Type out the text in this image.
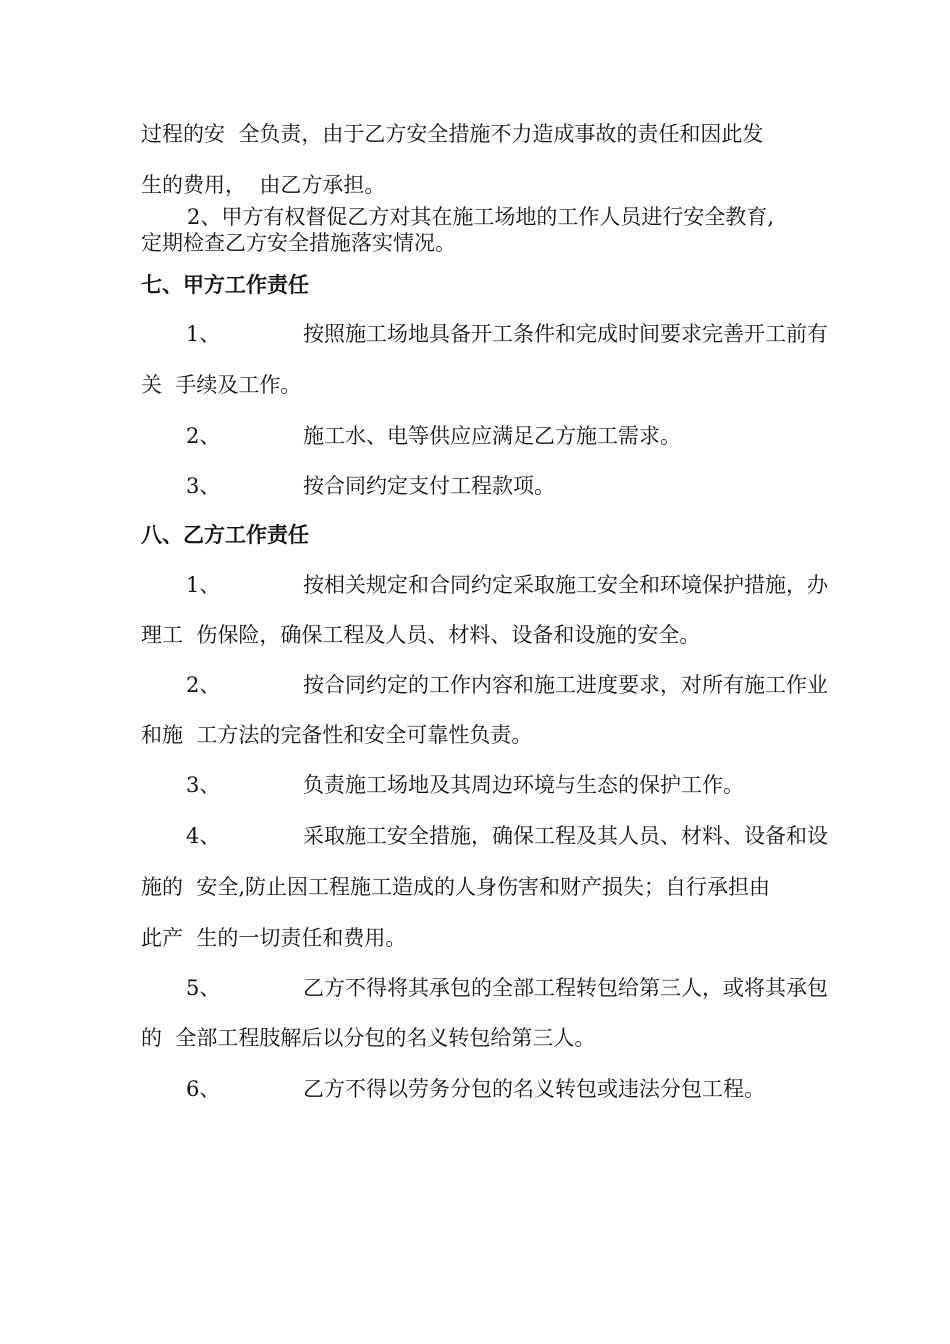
过程的安  全负责，由于乙方安全措施不力造成事故的责任和因此发

生的费用，  由乙方承担。

2、甲方有权督促乙方对其在施工场地的工作人员进行安全教育,

定期检查乙方安全措施落实情况。

七、甲方工作责任

1、	按照施工场地具备开工条件和完成时间要求完善开工前有

关  手续及工作。

2、	施工水、电等供应应满足乙方施工需求。

3、	按合同约定支付工程款项。

八、乙方工作责任

1、	按相关规定和合同约定采取施工安全和环境保护措施，办

理工  伤保险，确保工程及人员、材料、设备和设施的安全。

2、	按合同约定的工作内容和施工进度要求，对所有施工作业

和施  工方法的完备性和安全可靠性负责。

3、	负责施工场地及其周边环境与生态的保护工作。

4、	采取施工安全措施，确保工程及其人员、材料、设备和设

施的  安全,防止因工程施工造成的人身伤害和财产损失；自行承担由

此产  生的一切责任和费用。

5、	乙方不得将其承包的全部工程转包给第三人，或将其承包

的  全部工程肢解后以分包的名义转包给第三人。

6、	乙方不得以劳务分包的名义转包或违法分包工程。
